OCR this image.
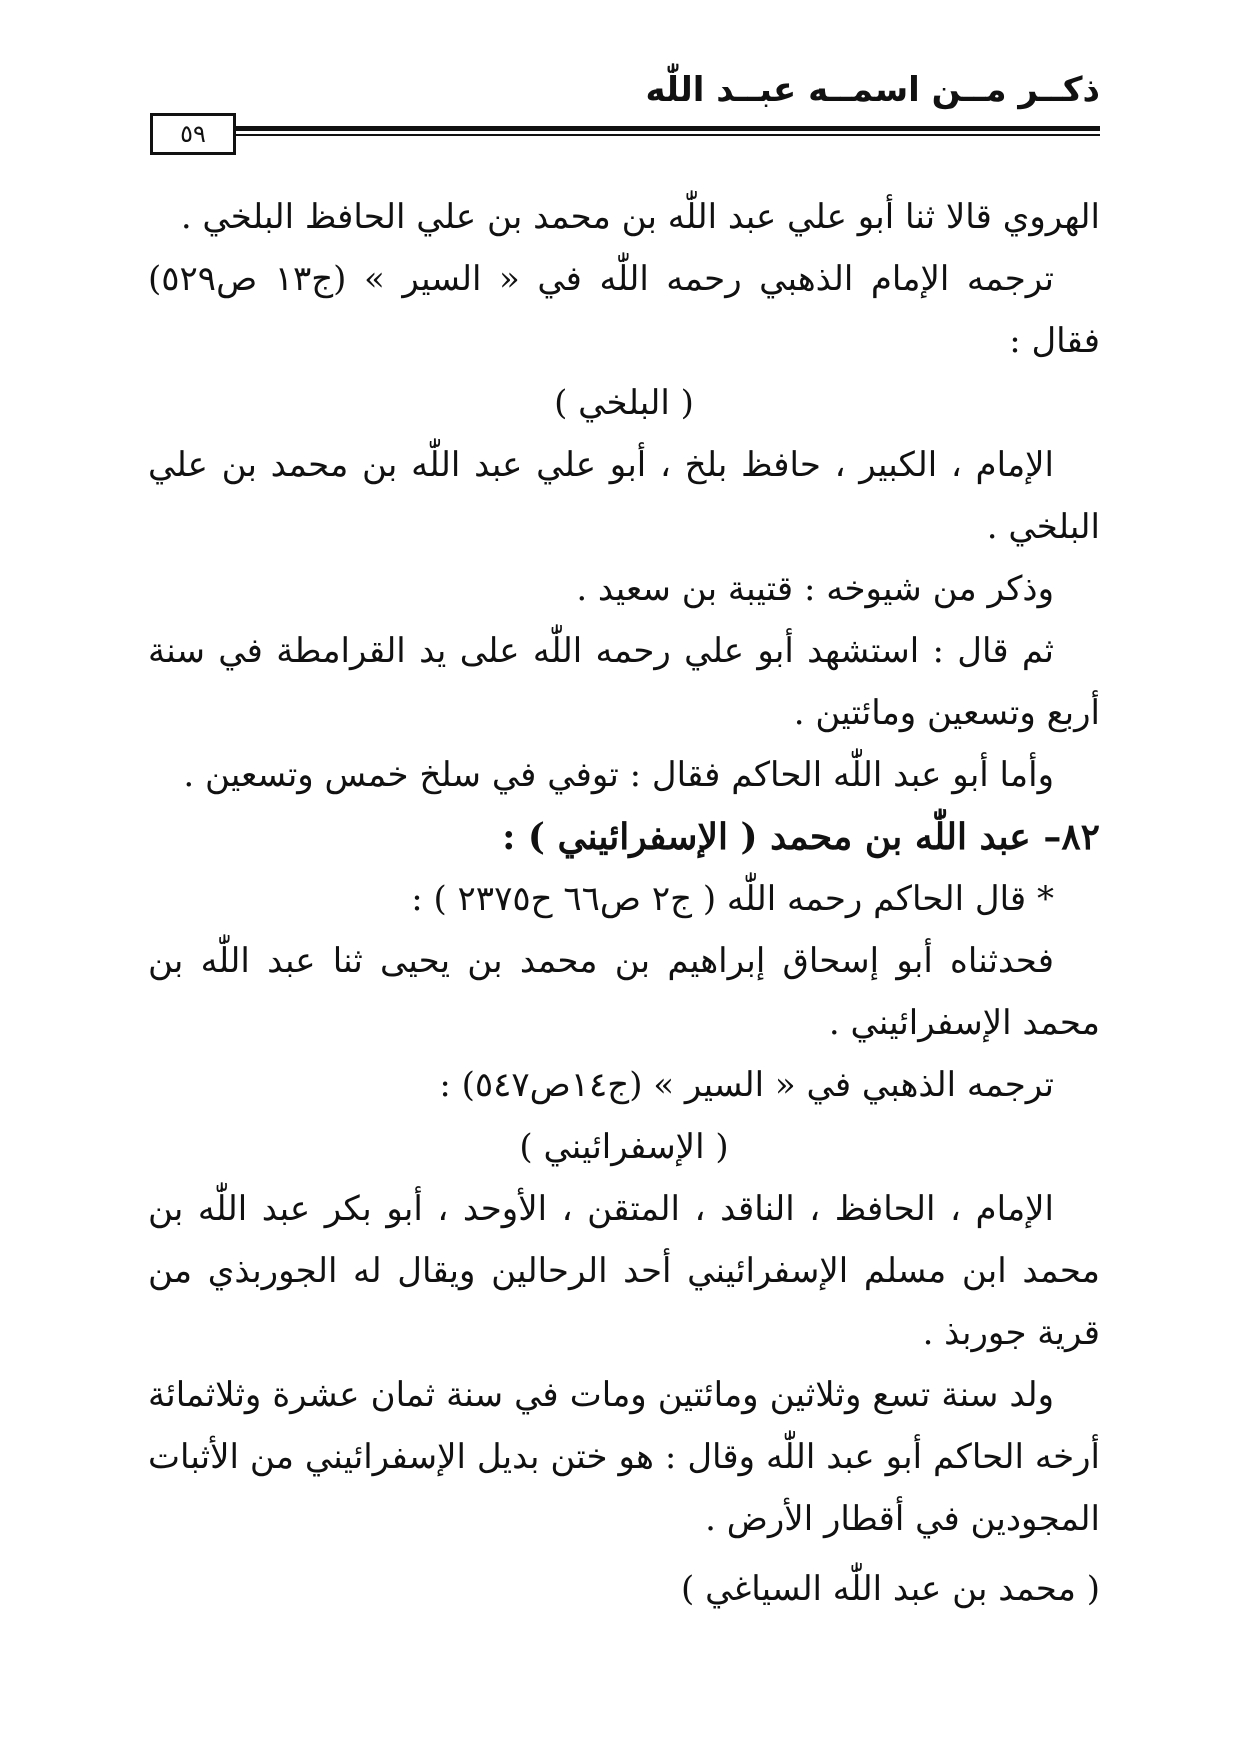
ذكــر مــن اسمــه عبــد اللّٰه
٥٩

الهروي قالا ثنا أبو علي عبد اللّٰه بن محمد بن علي الحافظ البلخي .

ترجمه الإمام الذهبي رحمه اللّٰه في « السير » (ج١٣ ص٥٢٩) فقال :

( البلخي )

الإمام ، الكبير ، حافظ بلخ ، أبو علي عبد اللّٰه بن محمد بن علي البلخي .

وذكر من شيوخه : قتيبة بن سعيد .

ثم قال : استشهد أبو علي رحمه اللّٰه على يد القرامطة في سنة أربع وتسعين ومائتين .

وأما أبو عبد اللّٰه الحاكم فقال : توفي في سلخ خمس وتسعين .

٨٢– عبد اللّٰه بن محمد ( الإسفرائيني ) :

* قال الحاكم رحمه اللّٰه ( ج٢ ص٦٦ ح٢٣٧٥ ) :

فحدثناه أبو إسحاق إبراهيم بن محمد بن يحيى ثنا عبد اللّٰه بن محمد الإسفرائيني .

ترجمه الذهبي في « السير » (ج١٤ص٥٤٧) :

( الإسفرائيني )

الإمام ، الحافظ ، الناقد ، المتقن ، الأوحد ، أبو بكر عبد اللّٰه بن محمد ابن مسلم الإسفرائيني أحد الرحالين ويقال له الجوربذي من قرية جوربذ .

ولد سنة تسع وثلاثين ومائتين ومات في سنة ثمان عشرة وثلاثمائة أرخه الحاكم أبو عبد اللّٰه وقال : هو ختن بديل الإسفرائيني من الأثبات المجودين في أقطار الأرض .

( محمد بن عبد اللّٰه السياغي )
